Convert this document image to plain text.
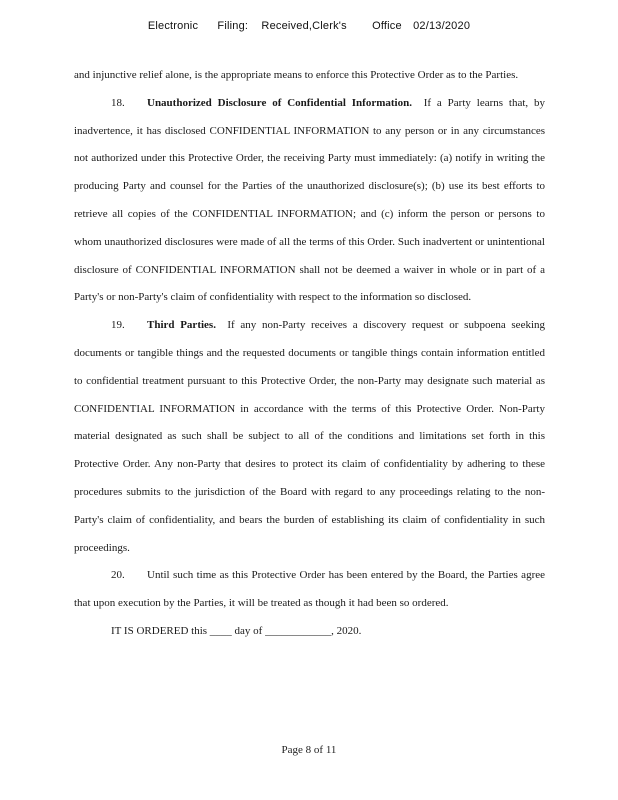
Electronic Filing: Received,Clerk's Office 02/13/2020

and injunctive relief alone, is the appropriate means to enforce this Protective Order as to the Parties.

18. Unauthorized Disclosure of Confidential Information. If a Party learns that, by inadvertence, it has disclosed CONFIDENTIAL INFORMATION to any person or in any circumstances not authorized under this Protective Order, the receiving Party must immediately: (a) notify in writing the producing Party and counsel for the Parties of the unauthorized disclosure(s); (b) use its best efforts to retrieve all copies of the CONFIDENTIAL INFORMATION; and (c) inform the person or persons to whom unauthorized disclosures were made of all the terms of this Order. Such inadvertent or unintentional disclosure of CONFIDENTIAL INFORMATION shall not be deemed a waiver in whole or in part of a Party's or non-Party's claim of confidentiality with respect to the information so disclosed.

19. Third Parties. If any non-Party receives a discovery request or subpoena seeking documents or tangible things and the requested documents or tangible things contain information entitled to confidential treatment pursuant to this Protective Order, the non-Party may designate such material as CONFIDENTIAL INFORMATION in accordance with the terms of this Protective Order. Non-Party material designated as such shall be subject to all of the conditions and limitations set forth in this Protective Order. Any non-Party that desires to protect its claim of confidentiality by adhering to these procedures submits to the jurisdiction of the Board with regard to any proceedings relating to the non-Party's claim of confidentiality, and bears the burden of establishing its claim of confidentiality in such proceedings.

20. Until such time as this Protective Order has been entered by the Board, the Parties agree that upon execution by the Parties, it will be treated as though it had been so ordered.

IT IS ORDERED this ____ day of ____________, 2020.

Page 8 of 11
